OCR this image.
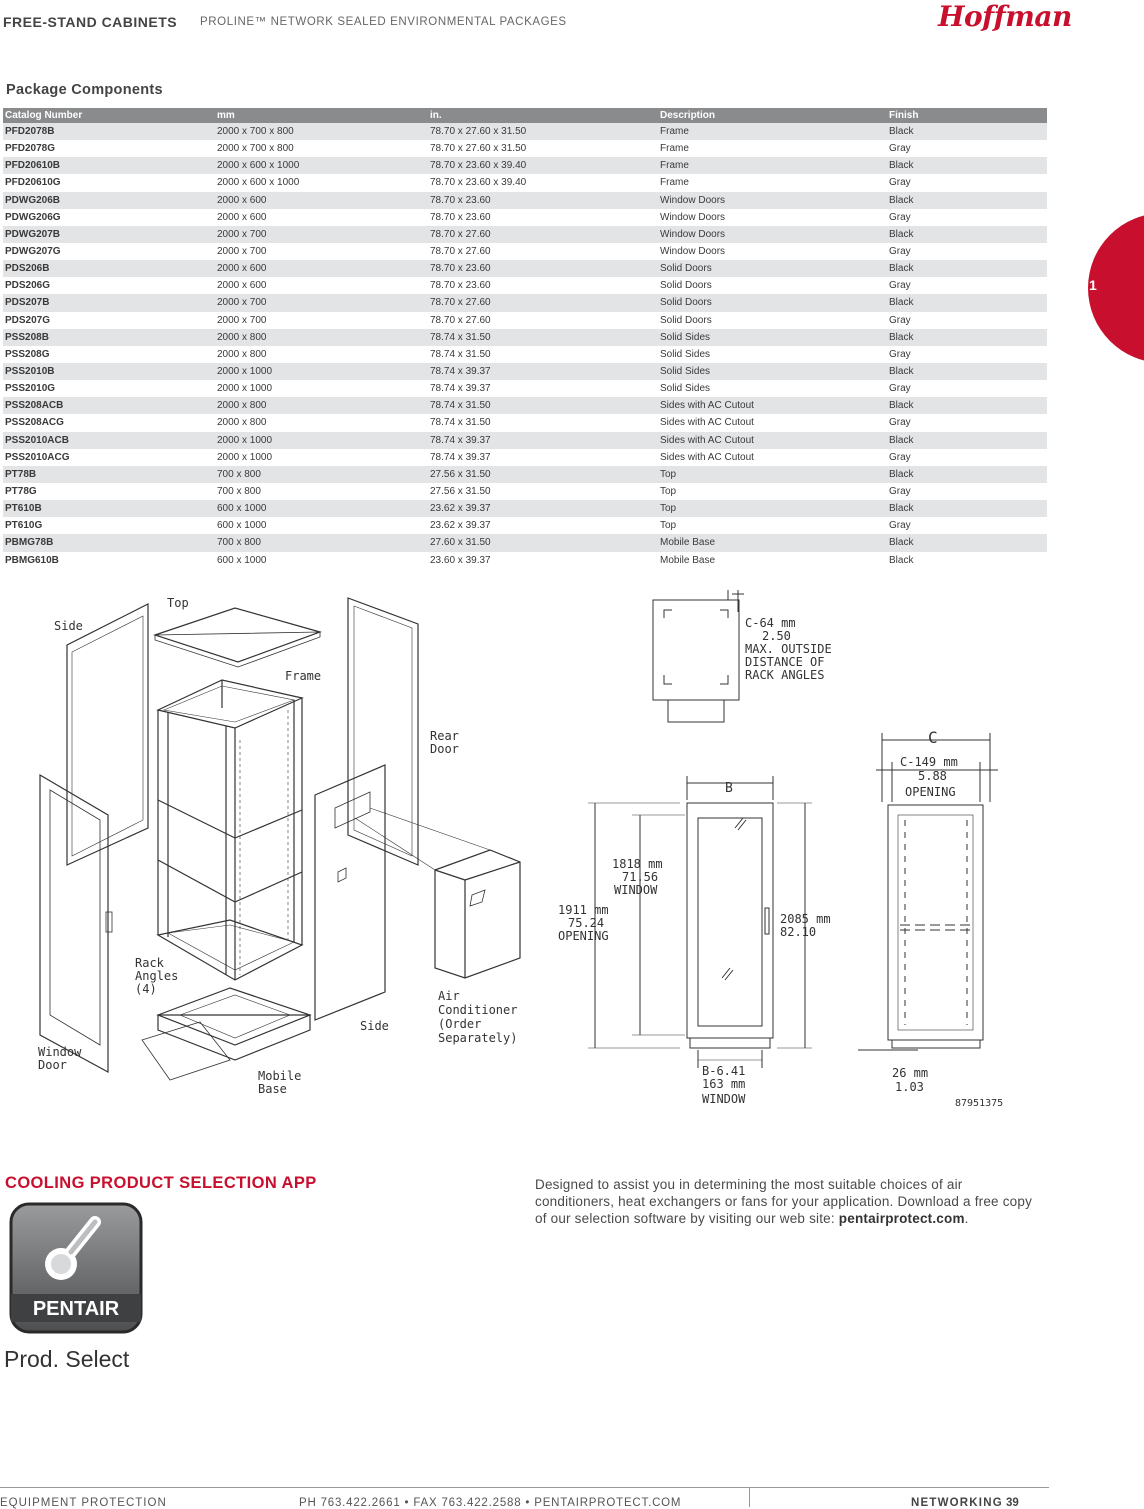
FREE-STAND CABINETS PROLINE™ NETWORK SEALED ENVIRONMENTAL PACKAGES	Hoffman
1
Package Components
Catalog Number	mm	in.	Description	Finish
PFD2078B	2000 x 700 x 800	78.70 x 27.60 x 31.50	Frame	Black
PFD2078G	2000 x 700 x 800	78.70 x 27.60 x 31.50	Frame	Gray
PFD20610B	2000 x 600 x 1000	78.70 x 23.60 x 39.40	Frame	Black
PFD20610G	2000 x 600 x 1000	78.70 x 23.60 x 39.40	Frame	Gray
PDWG206B	2000 x 600	78.70 x 23.60	Window Doors	Black
PDWG206G	2000 x 600	78.70 x 23.60	Window Doors	Gray
PDWG207B	2000 x 700	78.70 x 27.60	Window Doors	Black
PDWG207G	2000 x 700	78.70 x 27.60	Window Doors	Gray
PDS206B	2000 x 600	78.70 x 23.60	Solid Doors	Black
PDS206G	2000 x 600	78.70 x 23.60	Solid Doors	Gray
PDS207B	2000 x 700	78.70 x 27.60	Solid Doors	Black
PDS207G	2000 x 700	78.70 x 27.60	Solid Doors	Gray
PSS208B	2000 x 800	78.74 x 31.50	Solid Sides	Black
PSS208G	2000 x 800	78.74 x 31.50	Solid Sides	Gray
PSS2010B	2000 x 1000	78.74 x 39.37	Solid Sides	Black
PSS2010G	2000 x 1000	78.74 x 39.37	Solid Sides	Gray
PSS208ACB	2000 x 800	78.74 x 31.50	Sides with AC Cutout	Black
PSS208ACG	2000 x 800	78.74 x 31.50	Sides with AC Cutout	Gray
PSS2010ACB	2000 x 1000	78.74 x 39.37	Sides with AC Cutout	Black
PSS2010ACG	2000 x 1000	78.74 x 39.37	Sides with AC Cutout	Gray
PT78B	700 x 800	27.56 x 31.50	Top	Black
PT78G	700 x 800	27.56 x 31.50	Top	Gray
PT610B	600 x 1000	23.62 x 39.37	Top	Black
PT610G	600 x 1000	23.62 x 39.37	Top	Gray
PBMG78B	700 x 800	27.60 x 31.50	Mobile Base	Black
PBMG610B	600 x 1000	23.60 x 39.37	Mobile Base	Black
Top
Side
Frame
Rear
Door
Rack
Angles
(4)
Window
Door
Side
Air
Conditioner
(Order
Separately)
Mobile
Base
C-64 mm
2.50
MAX. OUTSIDE
DISTANCE OF
RACK ANGLES
C
C-149 mm
5.88
OPENING
B
1818 mm
71.56
WINDOW
1911 mm
75.24
OPENING
2085 mm
82.10
B-6.41
163 mm
WINDOW
26 mm
1.03
87951375
COOLING PRODUCT SELECTION APP
PENTAIR
Prod. Select
Designed to assist you in determining the most suitable choices of air conditioners, heat exchangers or fans for your application. Download a free copy of our selection software by visiting our web site: pentairprotect.com.
EQUIPMENT PROTECTION	PH 763.422.2661 • FAX 763.422.2588 • PENTAIRPROTECT.COM	NETWORKING 39
